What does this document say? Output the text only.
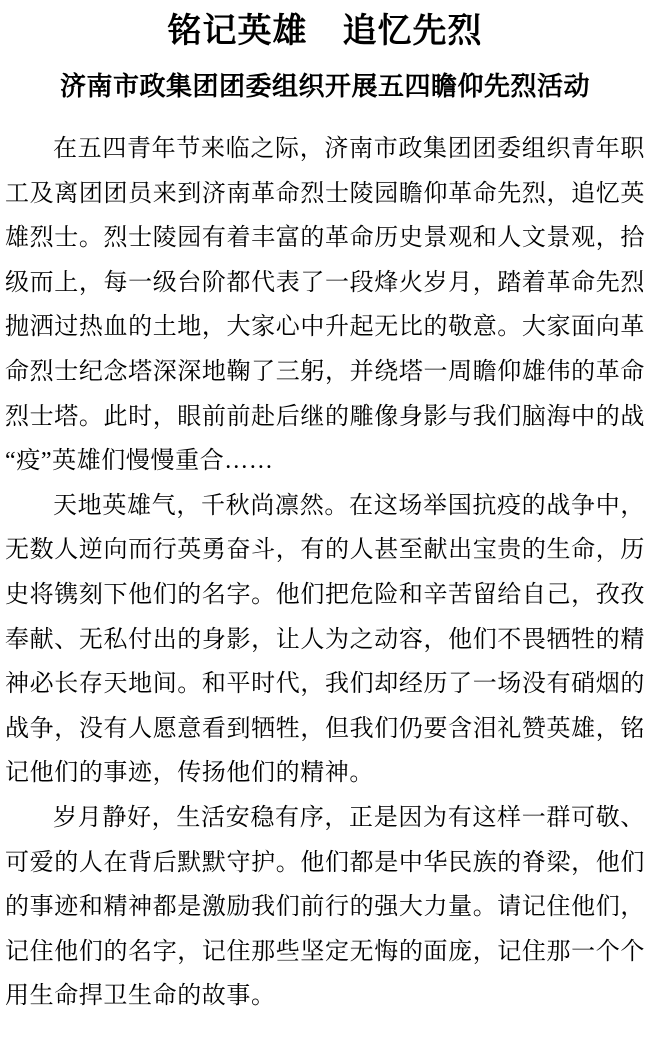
铭记英雄　追忆先烈
济南市政集团团委组织开展五四瞻仰先烈活动

在五四青年节来临之际，济南市政集团团委组织青年职工及离团团员来到济南革命烈士陵园瞻仰革命先烈，追忆英雄烈士。烈士陵园有着丰富的革命历史景观和人文景观，拾级而上，每一级台阶都代表了一段烽火岁月，踏着革命先烈抛洒过热血的土地，大家心中升起无比的敬意。大家面向革命烈士纪念塔深深地鞠了三躬，并绕塔一周瞻仰雄伟的革命烈士塔。此时，眼前前赴后继的雕像身影与我们脑海中的战“疫”英雄们慢慢重合……

天地英雄气，千秋尚凛然。在这场举国抗疫的战争中，无数人逆向而行英勇奋斗，有的人甚至献出宝贵的生命，历史将镌刻下他们的名字。他们把危险和辛苦留给自己，孜孜奉献、无私付出的身影，让人为之动容，他们不畏牺牲的精神必长存天地间。和平时代，我们却经历了一场没有硝烟的战争，没有人愿意看到牺牲，但我们仍要含泪礼赞英雄，铭记他们的事迹，传扬他们的精神。

岁月静好，生活安稳有序，正是因为有这样一群可敬、可爱的人在背后默默守护。他们都是中华民族的脊梁，他们的事迹和精神都是激励我们前行的强大力量。请记住他们，记住他们的名字，记住那些坚定无悔的面庞，记住那一个个用生命捍卫生命的故事。
